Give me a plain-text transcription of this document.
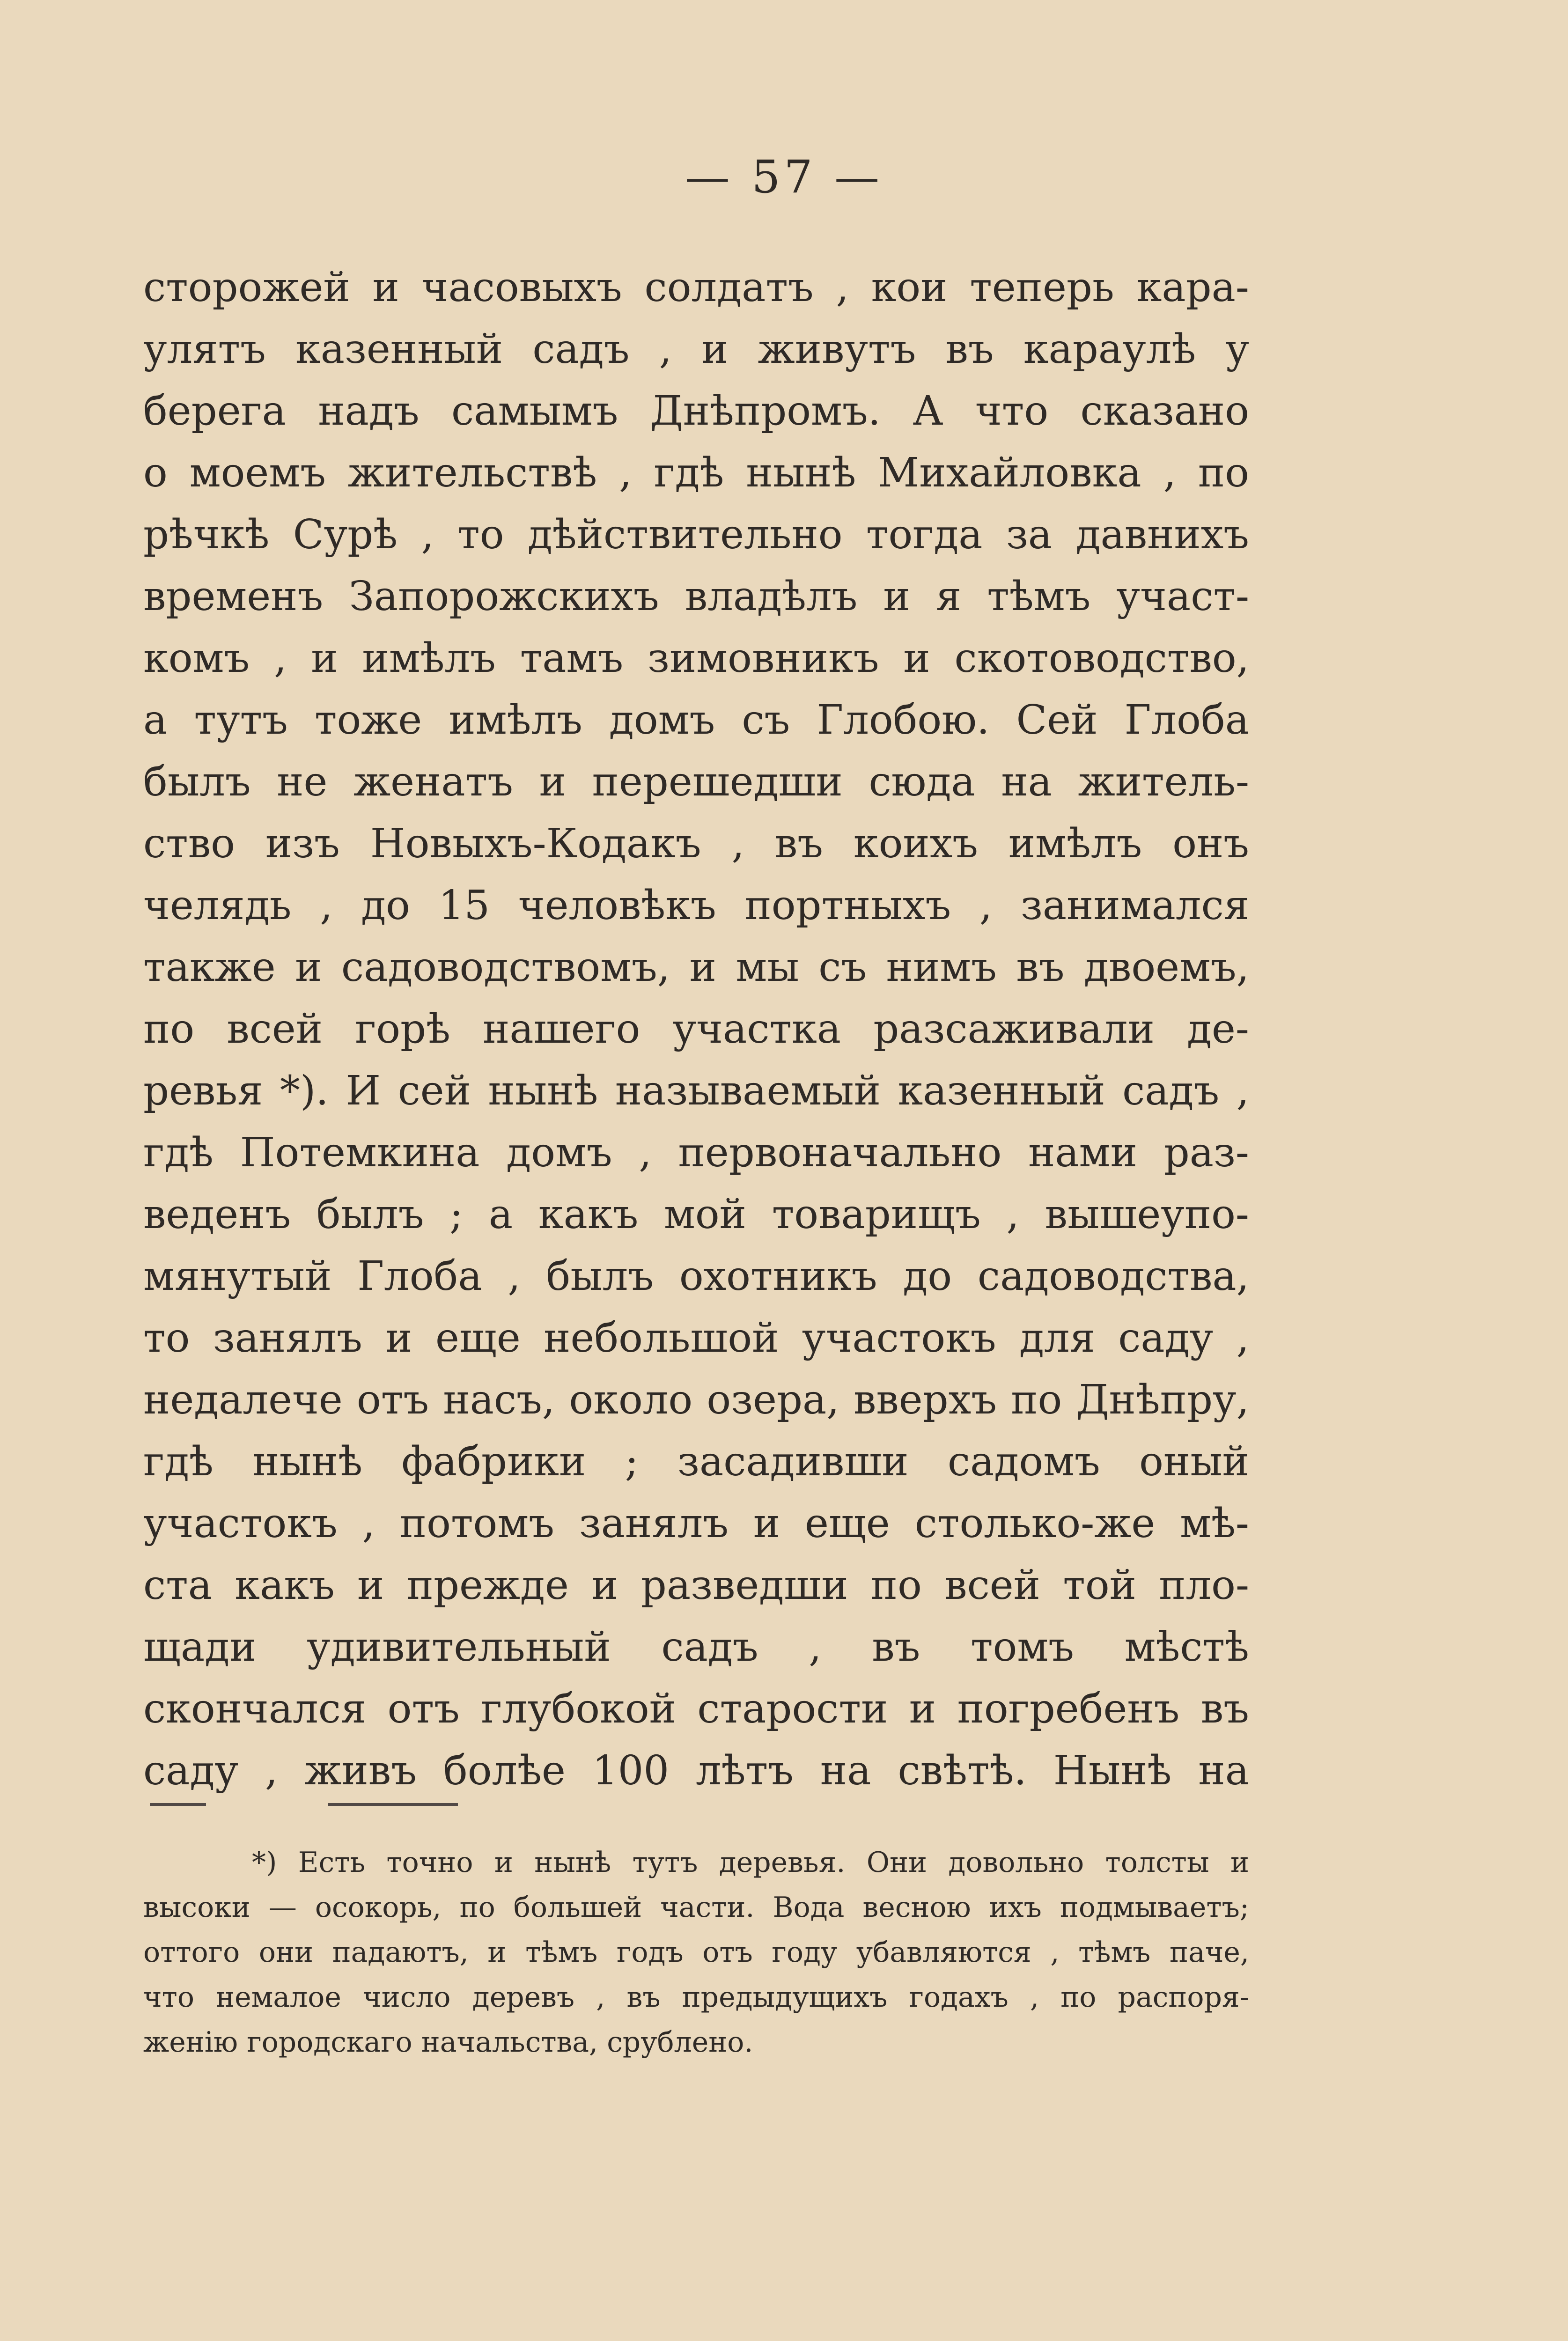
— 57 —
сторожей и часовыхъ солдатъ , кои теперь кара-
улятъ казенный садъ , и живутъ въ караулѣ у
берега надъ самымъ Днѣпромъ. А что сказано
о моемъ жительствѣ , гдѣ нынѣ Михайловка , по
рѣчкѣ Сурѣ , то дѣйствительно тогда за давнихъ
временъ Запорожскихъ владѣлъ и я тѣмъ участ-
комъ , и имѣлъ тамъ зимовникъ и скотоводство,
а тутъ тоже имѣлъ домъ съ Глобою. Сей Глоба
былъ не женатъ и перешедши сюда на житель-
ство изъ Новыхъ-Кодакъ , въ коихъ имѣлъ онъ
челядь , до 15 человѣкъ портныхъ , занимался
также и садоводствомъ, и мы съ нимъ въ двоемъ,
по всей горѣ нашего участка разсаживали де-
ревья *). И сей нынѣ называемый казенный садъ ,
гдѣ Потемкина домъ , первоначально нами раз-
веденъ былъ ; а какъ мой товарищъ , вышеупо-
мянутый Глоба , былъ охотникъ до садоводства,
то занялъ и еще небольшой участокъ для саду ,
недалече отъ насъ, около озера, вверхъ по Днѣпру,
гдѣ нынѣ фабрики ; засадивши садомъ оный
участокъ , потомъ занялъ и еще столько-же мѣ-
ста какъ и прежде и разведши по всей той пло-
щади удивительный садъ , въ томъ мѣстѣ
скончался отъ глубокой старости и погребенъ въ
саду , живъ болѣе 100 лѣтъ на свѣтѣ. Нынѣ на
*) Есть точно и нынѣ тутъ деревья. Они довольно толсты и
высоки — осокорь, по большей части. Вода весною ихъ подмываетъ;
оттого они падаютъ, и тѣмъ годъ отъ году убавляются , тѣмъ паче,
что немалое число деревъ , въ предыдущихъ годахъ , по распоря-
женію городскаго начальства, срублено.
